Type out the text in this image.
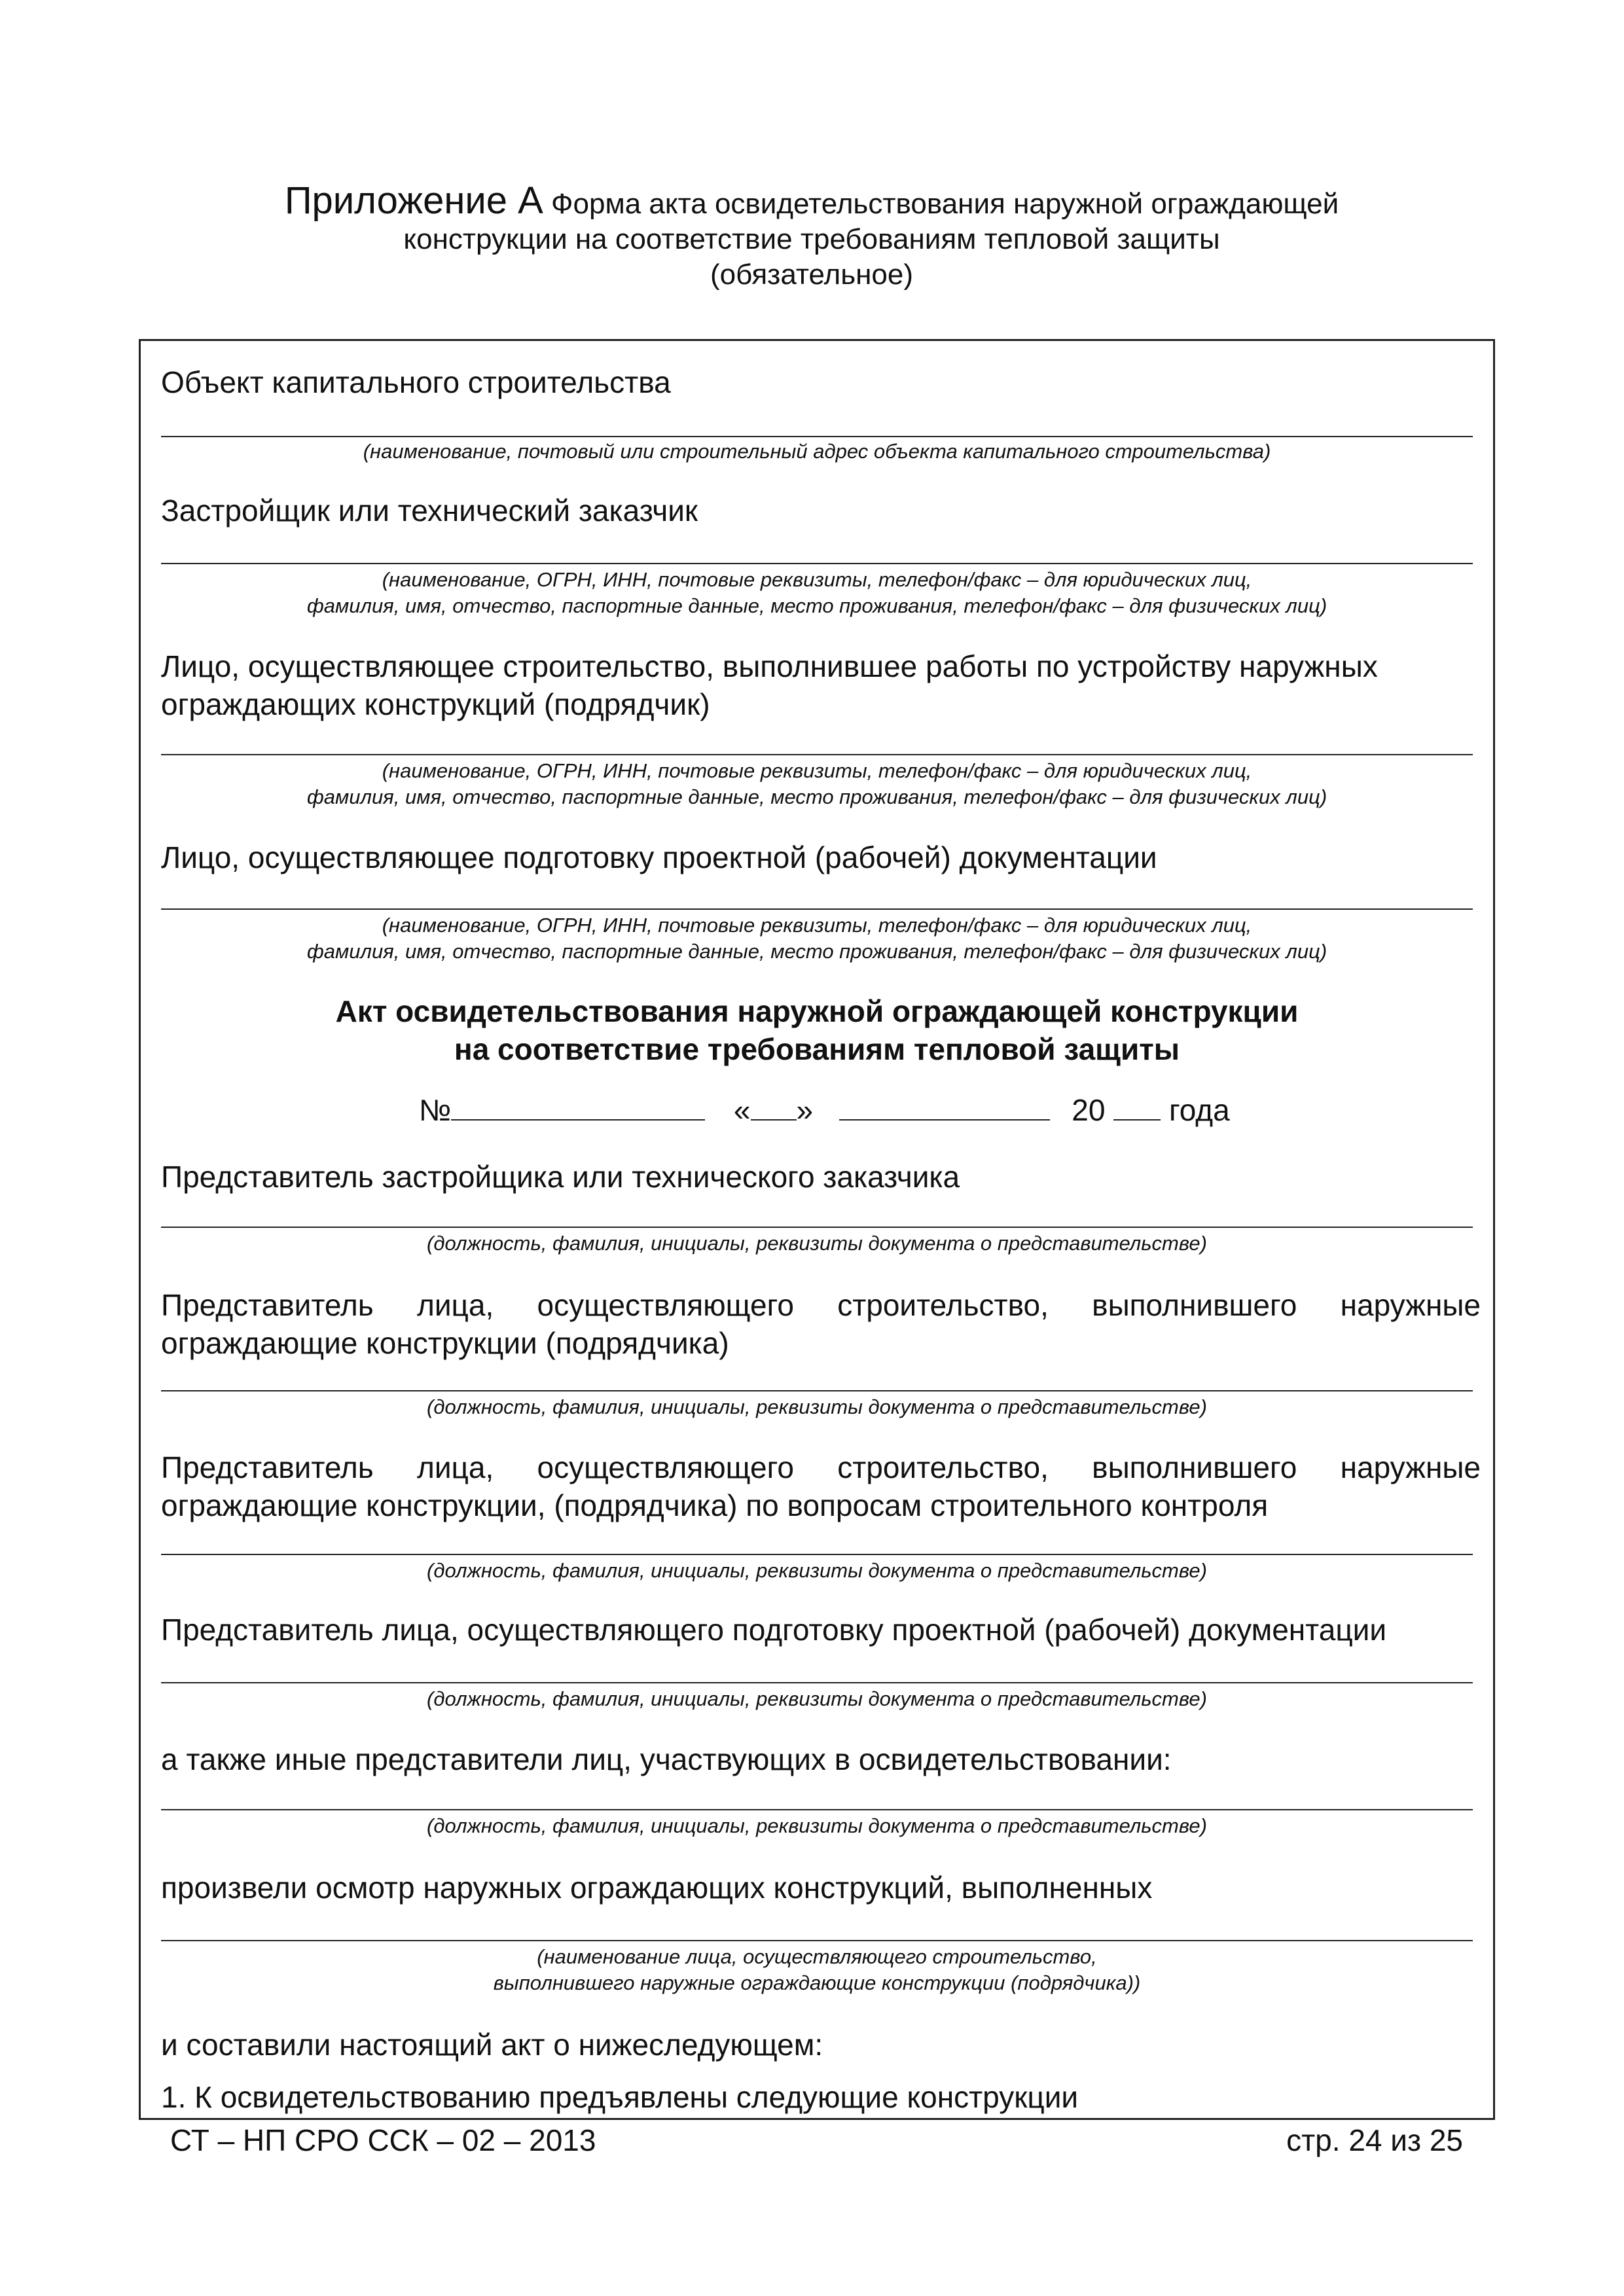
Приложение А Форма акта освидетельствования наружной ограждающей
конструкции на соответствие требованиям тепловой защиты
(обязательное)
Объект капитального строительства
(наименование, почтовый или строительный адрес объекта капитального строительства)
Застройщик или технический заказчик
(наименование, ОГРН, ИНН, почтовые реквизиты, телефон/факс – для юридических лиц,
фамилия, имя, отчество, паспортные данные, место проживания, телефон/факс – для физических лиц)
Лицо, осуществляющее строительство, выполнившее работы по устройству наружных
ограждающих конструкций (подрядчик)
(наименование, ОГРН, ИНН, почтовые реквизиты, телефон/факс – для юридических лиц,
фамилия, имя, отчество, паспортные данные, место проживания, телефон/факс – для физических лиц)
Лицо, осуществляющее подготовку проектной (рабочей) документации
(наименование, ОГРН, ИНН, почтовые реквизиты, телефон/факс – для юридических лиц,
фамилия, имя, отчество, паспортные данные, место проживания, телефон/факс – для физических лиц)
Акт освидетельствования наружной ограждающей конструкции
на соответствие требованиям тепловой защиты
№	« »	20 года
Представитель застройщика или технического заказчика
(должность, фамилия, инициалы, реквизиты документа о представительстве)
Представитель лица, осуществляющего строительство, выполнившего наружные
ограждающие конструкции (подрядчика)
(должность, фамилия, инициалы, реквизиты документа о представительстве)
Представитель лица, осуществляющего строительство, выполнившего наружные
ограждающие конструкции, (подрядчика) по вопросам строительного контроля
(должность, фамилия, инициалы, реквизиты документа о представительстве)
Представитель лица, осуществляющего подготовку проектной (рабочей) документации
(должность, фамилия, инициалы, реквизиты документа о представительстве)
а также иные представители лиц, участвующих в освидетельствовании:
(должность, фамилия, инициалы, реквизиты документа о представительстве)
произвели осмотр наружных ограждающих конструкций, выполненных
(наименование лица, осуществляющего строительство,
выполнившего наружные ограждающие конструкции (подрядчика))
и составили настоящий акт о нижеследующем:
1. К освидетельствованию предъявлены следующие конструкции
СТ – НП СРО ССК – 02 – 2013	стр. 24 из 25
